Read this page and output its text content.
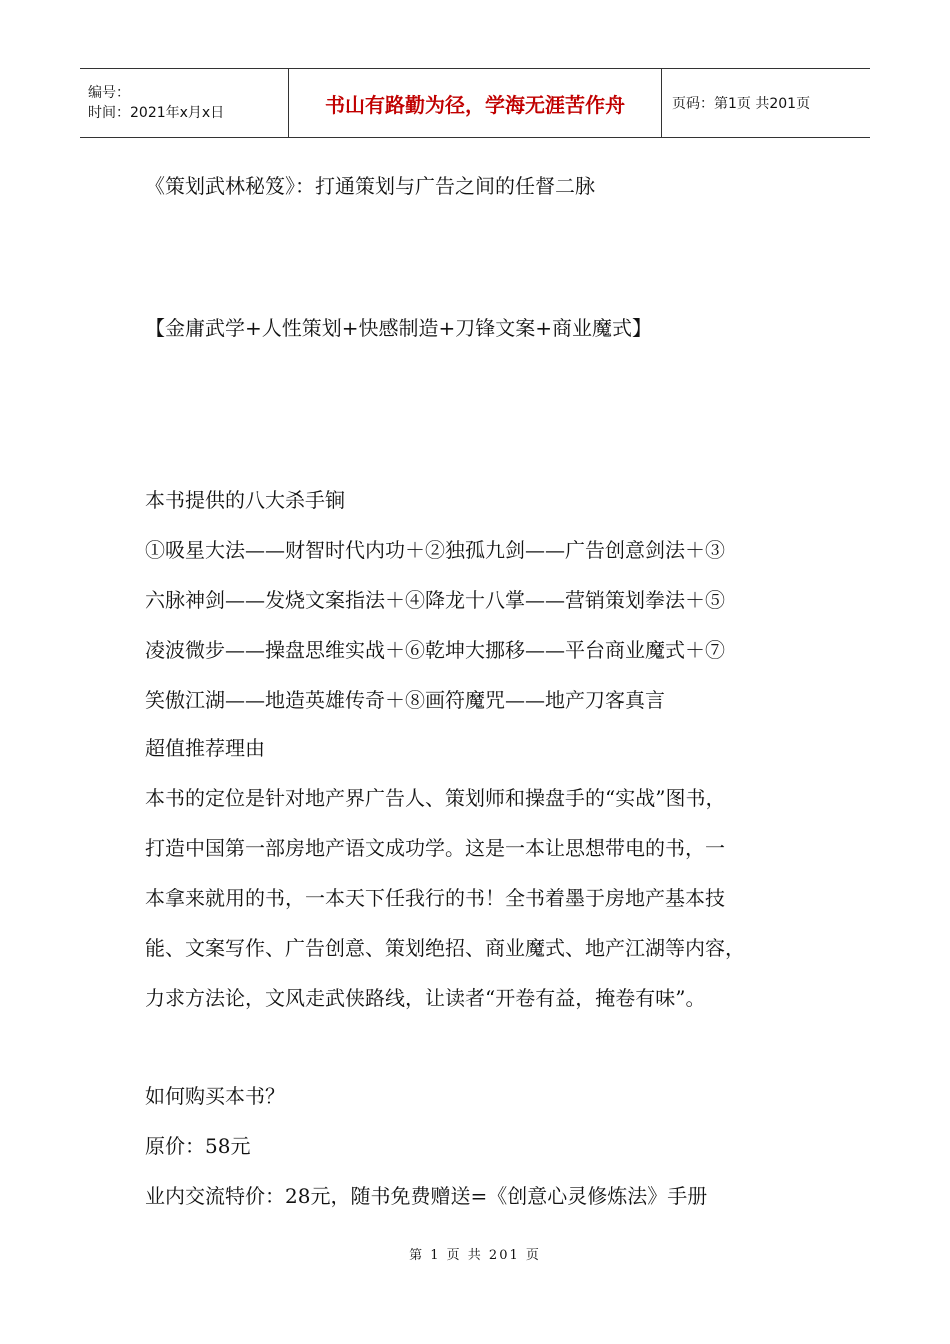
编号：
时间：2021年x月x日	书山有路勤为径，学海无涯苦作舟	页码：第1页 共201页
《策划武林秘笈》：打通策划与广告之间的任督二脉
【金庸武学+人性策划+快感制造+刀锋文案+商业魔式】
本书提供的八大杀手锏
①吸星大法——财智时代内功＋②独孤九剑——广告创意剑法＋③
六脉神剑——发烧文案指法＋④降龙十八掌——营销策划拳法＋⑤
凌波微步——操盘思维实战＋⑥乾坤大挪移——平台商业魔式＋⑦
笑傲江湖——地造英雄传奇＋⑧画符魔咒——地产刀客真言
超值推荐理由
本书的定位是针对地产界广告人、策划师和操盘手的“实战”图书，
打造中国第一部房地产语文成功学。这是一本让思想带电的书，一
本拿来就用的书，一本天下任我行的书！全书着墨于房地产基本技
能、文案写作、广告创意、策划绝招、商业魔式、地产江湖等内容，
力求方法论，文风走武侠路线，让读者“开卷有益，掩卷有味”。
如何购买本书？
原价：58元
业内交流特价：28元，随书免费赠送=《创意心灵修炼法》手册
第 1 页 共 201 页
